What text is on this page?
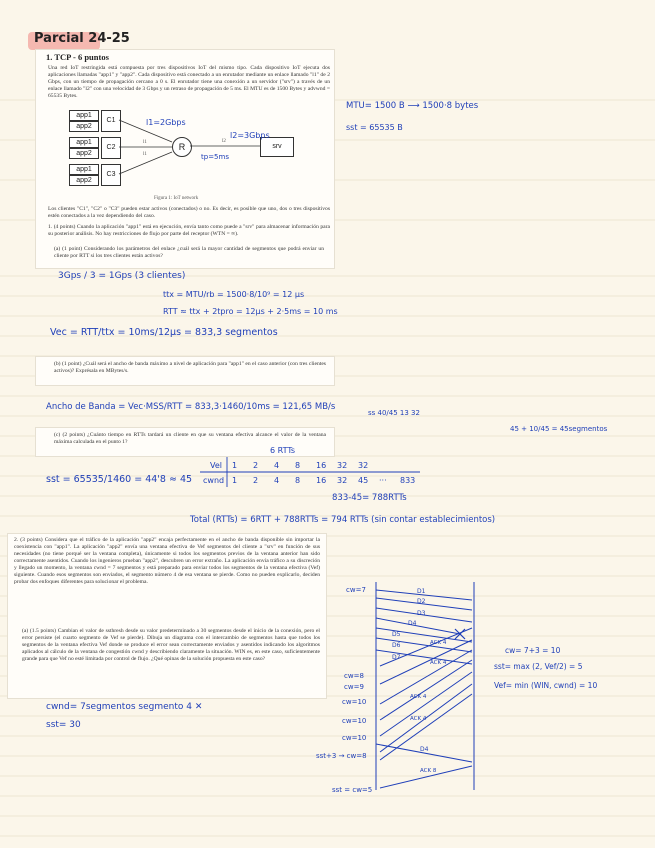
Parcial 24-25
1. TCP - 6 puntos
Una red IoT restringida está compuesta por tres dispositivos IoT del mismo tipo. Cada dispositivo IoT ejecuta dos aplicaciones llamadas "app1" y "app2". Cada dispositivo está conectado a un enrutador mediante un enlace llamado "l1" de 2 Gbps, con un tiempo de propagación cercano a 0 s. El enrutador tiene una conexión a un servidor ("srv") a través de un enlace llamado "l2" con una velocidad de 3 Gbps y un retraso de propagación de 5 ms. El MTU es de 1500 Bytes y advwnd = 65535 Bytes.
Figura 1: IoT network
Los clientes "C1", "C2" o "C3" pueden estar activos (conectados) o no. Es decir, es posible que uno, dos o tres dispositivos estén conectados a la vez dependiendo del caso.
1. (4 points) Cuando la aplicación "app1" está en ejecución, envía tanto como puede a "srv" para almacenar información para su posterior análisis. No hay restricciones de flujo por parte del receptor (WTN = ∞).
(a) (1 point) Considerando los parámetros del enlace ¿cuál será la mayor cantidad de segmentos que podrá enviar un cliente por RTT si los tres clientes están activos?
app1
app2
C1
app1
app2
C2
app1
app2
C3
R	srv
l1
l1
l2
l1=2Gbps
l2=3Gbps
tp=5ms
MTU= 1500 B ⟶ 1500·8 bytes
sst = 65535 B
3Gps / 3 = 1Gps (3 clientes)
ttx = MTU/rb = 1500·8/10⁹ = 12 μs
RTT ≈ ttx + 2tpro = 12μs + 2·5ms = 10 ms
Vec = RTT/ttx = 10ms/12μs = 833,3 segmentos
(b) (1 point) ¿Cuál será el ancho de banda máximo a nivel de aplicación para "app1" en el caso anterior (con tres clientes activos)? Exprésala en MBytes/s.
Ancho de Banda = Vec·MSS/RTT = 833,3·1460/10ms = 121,65 MB/s
ss 40/45 13 32
45 + 10/45 = 45segmentos
(c) (2 points) ¿Cuánto tiempo en RTTs tardará un cliente en que su ventana efectiva alcance el valor de la ventana máxima calculada en el punto 1?
sst = 65535/1460 = 44'8 ≈ 45
6 RTTs
Vel
cwnd
1 2 4 8 16 32 32
1 2 4 8 16 32 45 ··· 833
833-45= 788RTTs
Total (RTTs) = 6RTT + 788RTTs = 794 RTTs (sin contar establecimientos)
2. (3 points) Considera que el tráfico de la aplicación "app2" encaja perfectamente en el ancho de banda disponible sin importar la coexistencia con "app1". La aplicación "app2" envía una ventana efectiva de Vef segmentos del cliente a "srv" en función de sus necesidades (no tiene porqué ser la ventana completa), únicamente si todos los segmentos previos de la ventana anterior han sido correctamente asentidos. Cuando los ingenieros prueban "app2", descubren un error extraño. La aplicación envía tráfico a su discreción y llegado un momento, la ventana cwnd = 7 segmentos y está preparado para enviar todos los segmentos de la ventana efectiva (Vef) siguiente. Cuando esos segmentos son enviados, el segmento número 4 de esa ventana se pierde. Como no pueden explicarlo, deciden probar dos enfoques diferentes para solucionar el problema.
(a) (1.5 points) Cambian el valor de ssthresh desde su valor predeterminado a 30 segmentos desde el inicio de la conexión, pero el error persiste (el cuarto segmento de Vef se pierde). Dibuja un diagrama con el intercambio de segmentos hasta que todos los segmentos de la ventana efectiva Vef donde se produce el error sean correctamente enviados y asentidos indicando los algoritmos aplicados al cálculo de la ventana de congestión cwnd y describiendo claramente la situación. WIN es, en este caso, suficientemente grande para que Vef no esté limitada por control de flujo. ¿Qué opinas de la solución propuesta en este caso?
cwnd= 7segmentos segmento 4 ✕
sst= 30
D1
D2
D3
D4
D5
D6
D7
D4
ACK 4
ACK 4
ACK 4
ACK 4
ACK 8
cw=7
cw=8
cw=9
cw=10
cw=10
cw=10
sst+3 → cw=8
sst = cw=5
cw= 7+3 = 10
sst= max (2, Vef/2) = 5
Vef= min (WIN, cwnd) = 10
